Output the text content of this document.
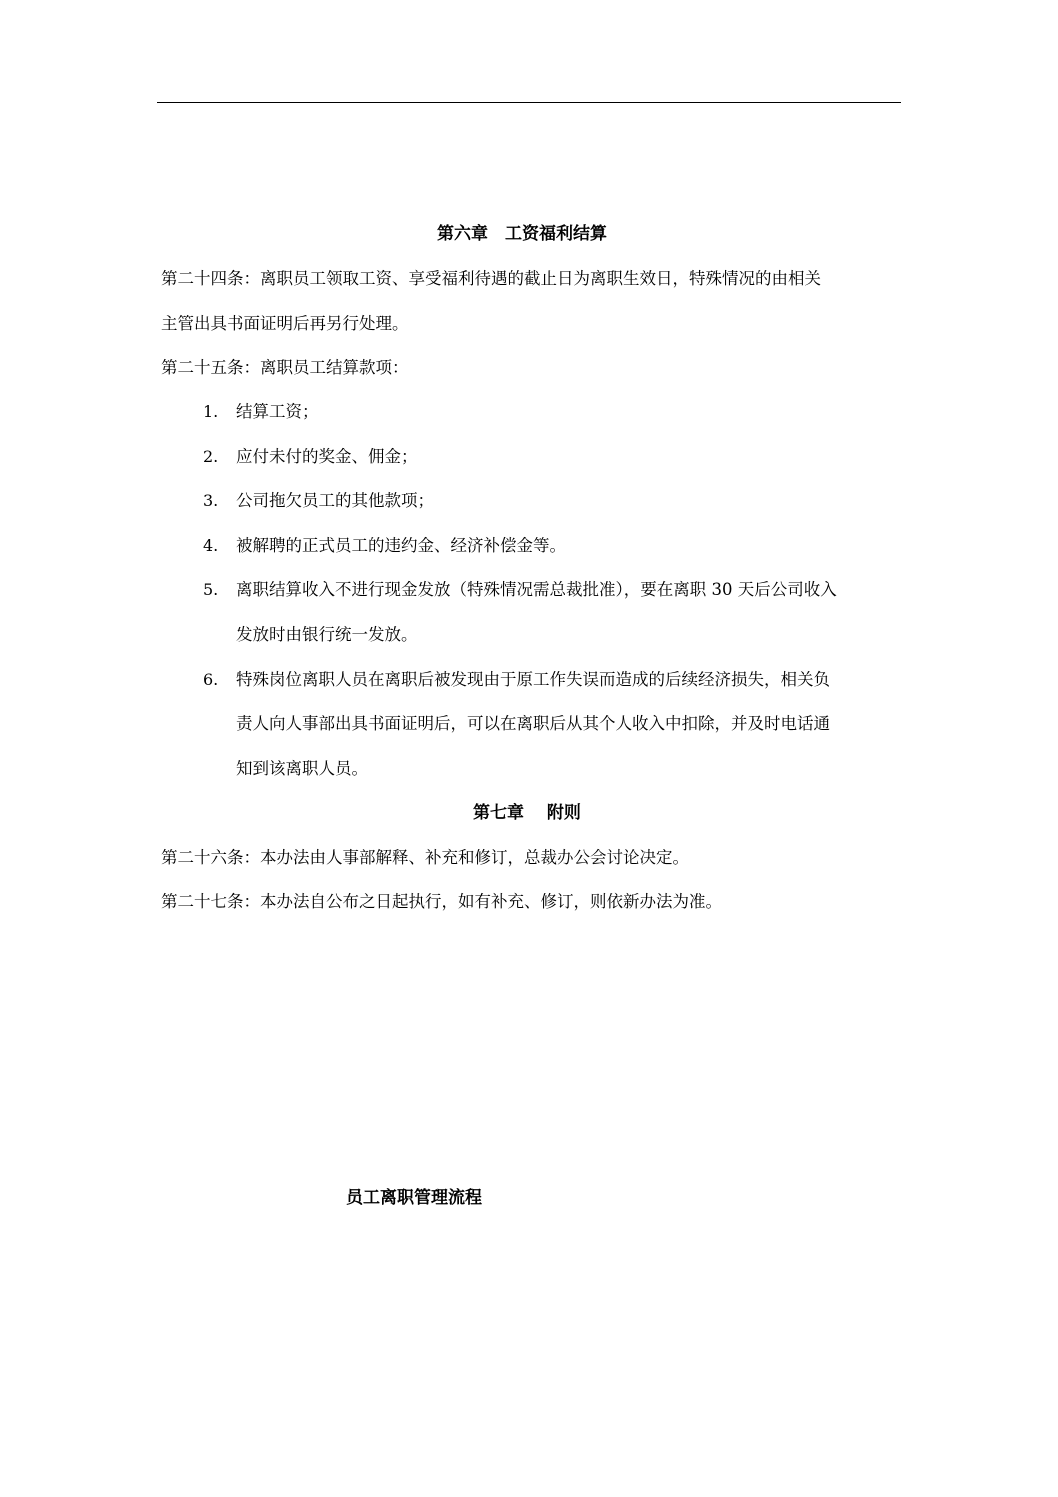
第六章　工资福利结算
第二十四条：离职员工领取工资、享受福利待遇的截止日为离职生效日，特殊情况的由相关
主管出具书面证明后再另行处理。
第二十五条：离职员工结算款项：
1. 结算工资；
2. 应付未付的奖金、佣金；
3. 公司拖欠员工的其他款项；
4. 被解聘的正式员工的违约金、经济补偿金等。
5. 离职结算收入不进行现金发放（特殊情况需总裁批准），要在离职 30 天后公司收入
发放时由银行统一发放。
6. 特殊岗位离职人员在离职后被发现由于原工作失误而造成的后续经济损失，相关负
责人向人事部出具书面证明后，可以在离职后从其个人收入中扣除，并及时电话通
知到该离职人员。
第七章　 附则
第二十六条：本办法由人事部解释、补充和修订，总裁办公会讨论决定。
第二十七条：本办法自公布之日起执行，如有补充、修订，则依新办法为准。
员工离职管理流程
